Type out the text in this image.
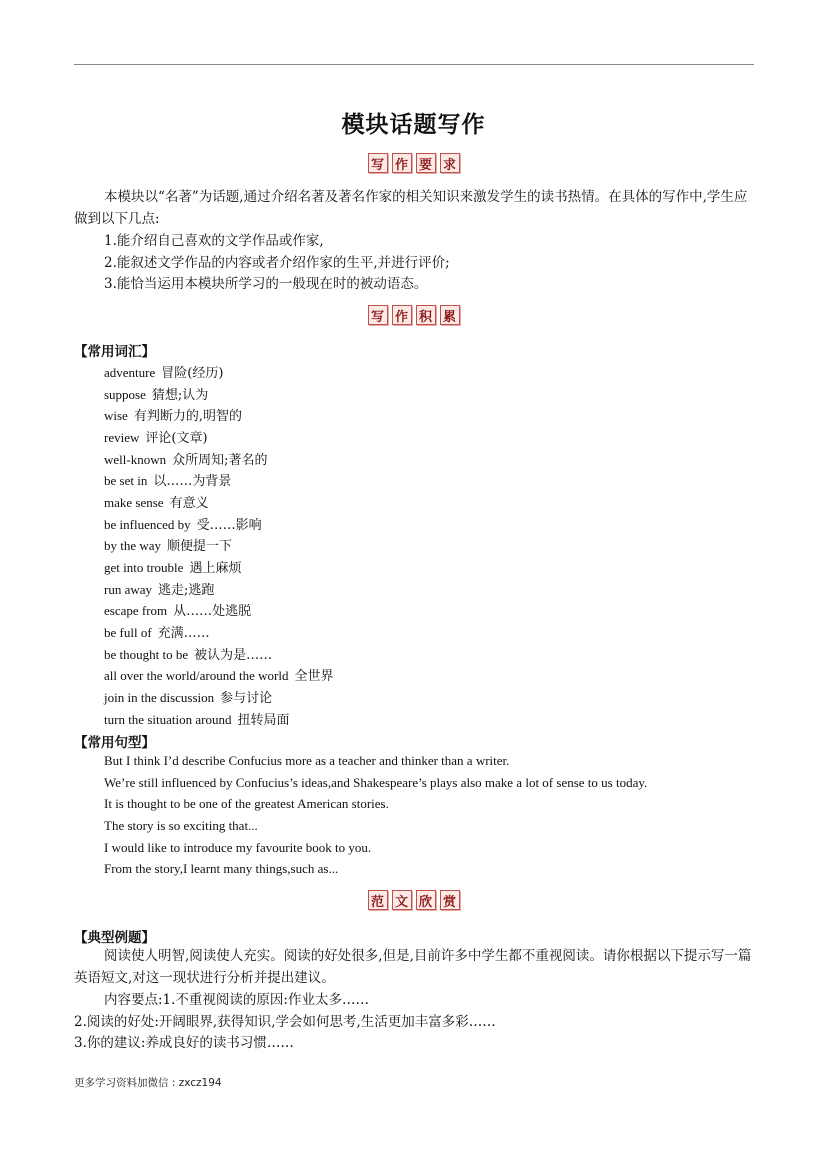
模块话题写作
写 作 要 求

本模块以“名著”为话题,通过介绍名著及著名作家的相关知识来激发学生的读书热情。在具体的写作中,学生应做到以下几点:

1.能介绍自己喜欢的文学作品或作家,
2.能叙述文学作品的内容或者介绍作家的生平,并进行评价;
3.能恰当运用本模块所学习的一般现在时的被动语态。
写 作 积 累
【常用词汇】
adventure 冒险(经历)
suppose 猜想;认为
wise 有判断力的,明智的
review 评论(文章)
well-known 众所周知;著名的
be set in 以……为背景
make sense 有意义
be influenced by 受……影响
by the way 顺便提一下
get into trouble 遇上麻烦
run away 逃走;逃跑
escape from 从……处逃脱
be full of 充满……
be thought to be 被认为是……
all over the world/around the world 全世界
join in the discussion 参与讨论
turn the situation around 扭转局面
【常用句型】
But I think I’d describe Confucius more as a teacher and thinker than a writer.
We’re still influenced by Confucius’s ideas,and Shakespeare’s plays also make a lot of sense to us today.
It is thought to be one of the greatest American stories.
The story is so exciting that...
I would like to introduce my favourite book to you.
From the story,I learnt many things,such as...
范 文 欣 赏
【典型例题】

阅读使人明智,阅读使人充实。阅读的好处很多,但是,目前许多中学生都不重视阅读。请你根据以下提示写一篇英语短文,对这一现状进行分析并提出建议。

内容要点:1.不重视阅读的原因:作业太多……
2.阅读的好处:开阔眼界,获得知识,学会如何思考,生活更加丰富多彩……
3.你的建议:养成良好的读书习惯……
更多学习资料加微信 : zxcz194
